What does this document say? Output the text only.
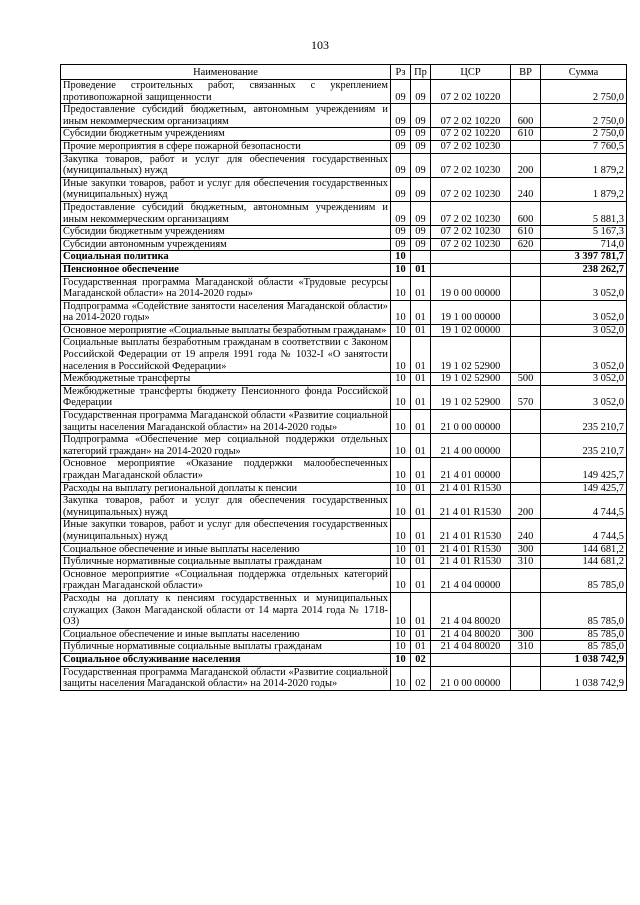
103
Наименование	Рз	Пр	ЦСР	ВР	Сумма
Проведение строительных работ, связанных с укреплением противопожарной защищенности	09	09	07 2 02 10220		2 750,0
Предоставление субсидий бюджетным, автономным учреждениям и иным некоммерческим организациям	09	09	07 2 02 10220	600	2 750,0
Субсидии бюджетным учреждениям	09	09	07 2 02 10220	610	2 750,0
Прочие мероприятия в сфере пожарной безопасности	09	09	07 2 02 10230		7 760,5
Закупка товаров, работ и услуг для обеспечения государственных (муниципальных) нужд	09	09	07 2 02 10230	200	1 879,2
Иные закупки товаров, работ и услуг для обеспечения государственных (муниципальных) нужд	09	09	07 2 02 10230	240	1 879,2
Предоставление субсидий бюджетным, автономным учреждениям и иным некоммерческим организациям	09	09	07 2 02 10230	600	5 881,3
Субсидии бюджетным учреждениям	09	09	07 2 02 10230	610	5 167,3
Субсидии автономным учреждениям	09	09	07 2 02 10230	620	714,0
Социальная политика	10				3 397 781,7
Пенсионное обеспечение	10	01			238 262,7
Государственная программа Магаданской области «Трудовые ресурсы Магаданской области» на 2014-2020 годы»	10	01	19 0 00 00000		3 052,0
Подпрограмма «Содействие занятости населения Магаданской области» на 2014-2020 годы»	10	01	19 1 00 00000		3 052,0
Основное мероприятие «Социальные выплаты безработным гражданам»	10	01	19 1 02 00000		3 052,0
Социальные выплаты безработным гражданам в соответствии с Законом Российской Федерации от 19 апреля 1991 года № 1032-I «О занятости населения в Российской Федерации»	10	01	19 1 02 52900		3 052,0
Межбюджетные трансферты	10	01	19 1 02 52900	500	3 052,0
Межбюджетные трансферты бюджету Пенсионного фонда Российской Федерации	10	01	19 1 02 52900	570	3 052,0
Государственная программа Магаданской области «Развитие социальной защиты населения Магаданской области» на 2014-2020 годы»	10	01	21 0 00 00000		235 210,7
Подпрограмма «Обеспечение мер социальной поддержки отдельных категорий граждан» на 2014-2020 годы»	10	01	21 4 00 00000		235 210,7
Основное мероприятие «Оказание поддержки малообеспеченных граждан Магаданской области»	10	01	21 4 01 00000		149 425,7
Расходы на выплату региональной доплаты к пенсии	10	01	21 4 01 R1530		149 425,7
Закупка товаров, работ и услуг для обеспечения государственных (муниципальных) нужд	10	01	21 4 01 R1530	200	4 744,5
Иные закупки товаров, работ и услуг для обеспечения государственных (муниципальных) нужд	10	01	21 4 01 R1530	240	4 744,5
Социальное обеспечение и иные выплаты населению	10	01	21 4 01 R1530	300	144 681,2
Публичные нормативные социальные выплаты гражданам	10	01	21 4 01 R1530	310	144 681,2
Основное мероприятие «Социальная поддержка отдельных категорий граждан Магаданской области»	10	01	21 4 04 00000		85 785,0
Расходы на доплату к пенсиям государственных и муниципальных служащих (Закон Магаданской области от 14 марта 2014 года № 1718-ОЗ)	10	01	21 4 04 80020		85 785,0
Социальное обеспечение и иные выплаты населению	10	01	21 4 04 80020	300	85 785,0
Публичные нормативные социальные выплаты гражданам	10	01	21 4 04 80020	310	85 785,0
Социальное обслуживание населения	10	02			1 038 742,9
Государственная программа Магаданской области «Развитие социальной защиты населения Магаданской области» на 2014-2020 годы»	10	02	21 0 00 00000		1 038 742,9
